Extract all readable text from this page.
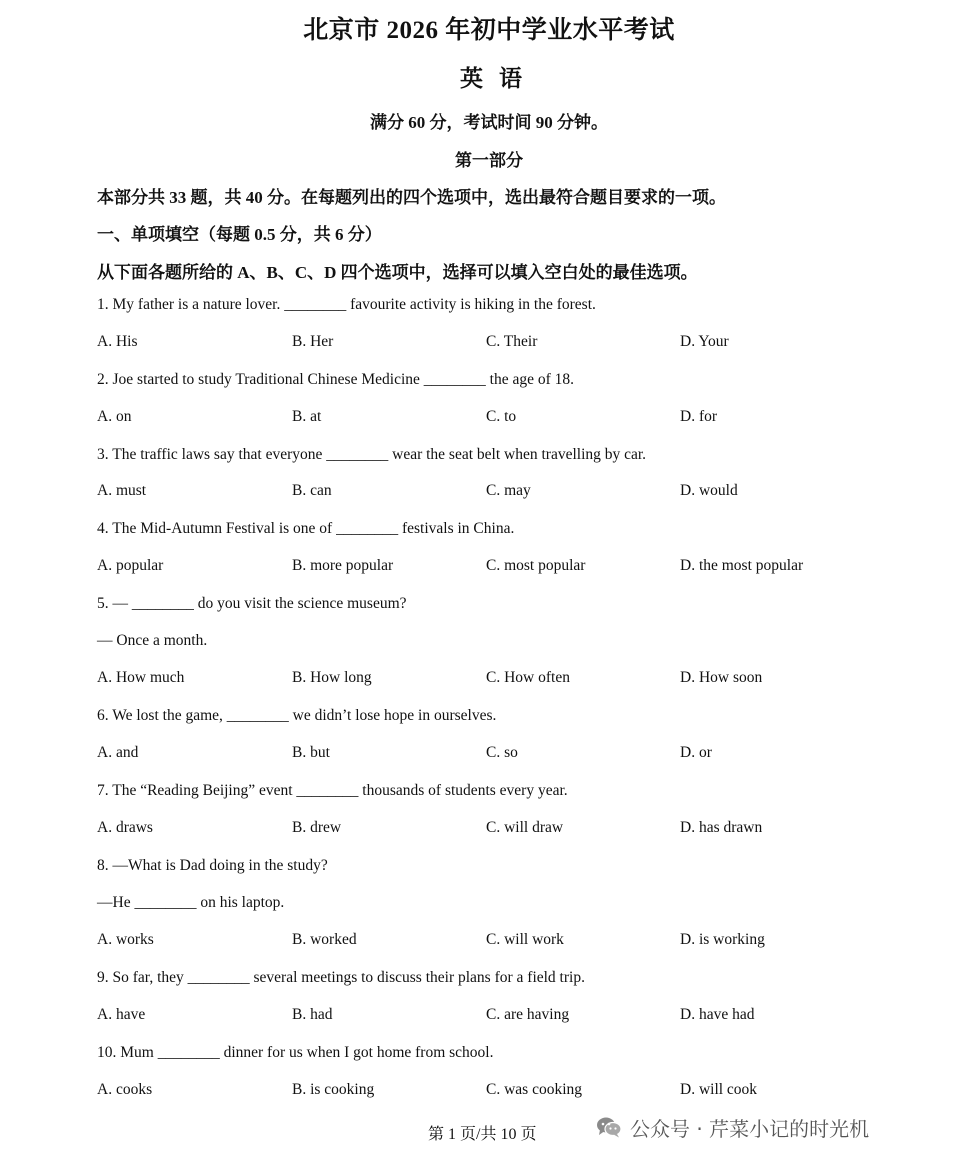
北京市 2026 年初中学业水平考试
英语
满分 60 分，考试时间 90 分钟。
第一部分
本部分共 33 题，共 40 分。在每题列出的四个选项中，选出最符合题目要求的一项。
一、单项填空（每题 0.5 分，共 6 分）
从下面各题所给的 A、B、C、D 四个选项中，选择可以填入空白处的最佳选项。
1. My father is a nature lover. ________ favourite activity is hiking in the forest.
A. His	B. Her	C. Their	D. Your
2. Joe started to study Traditional Chinese Medicine ________ the age of 18.
A. on	B. at	C. to	D. for
3. The traffic laws say that everyone ________ wear the seat belt when travelling by car.
A. must	B. can	C. may	D. would
4. The Mid-Autumn Festival is one of ________ festivals in China.
A. popular	B. more popular	C. most popular	D. the most popular
5. — ________ do you visit the science museum?
— Once a month.
A. How much	B. How long	C. How often	D. How soon
6. We lost the game, ________ we didn’t lose hope in ourselves.
A. and	B. but	C. so	D. or
7. The “Reading Beijing” event ________ thousands of students every year.
A. draws	B. drew	C. will draw	D. has drawn
8. —What is Dad doing in the study?
—He ________ on his laptop.
A. works	B. worked	C. will work	D. is working
9. So far, they ________ several meetings to discuss their plans for a field trip.
A. have	B. had	C. are having	D. have had
10. Mum ________ dinner for us when I got home from school.
A. cooks	B. is cooking	C. was cooking	D. will cook
第 1 页/共 10 页	公众号 · 芹菜小记的时光机
